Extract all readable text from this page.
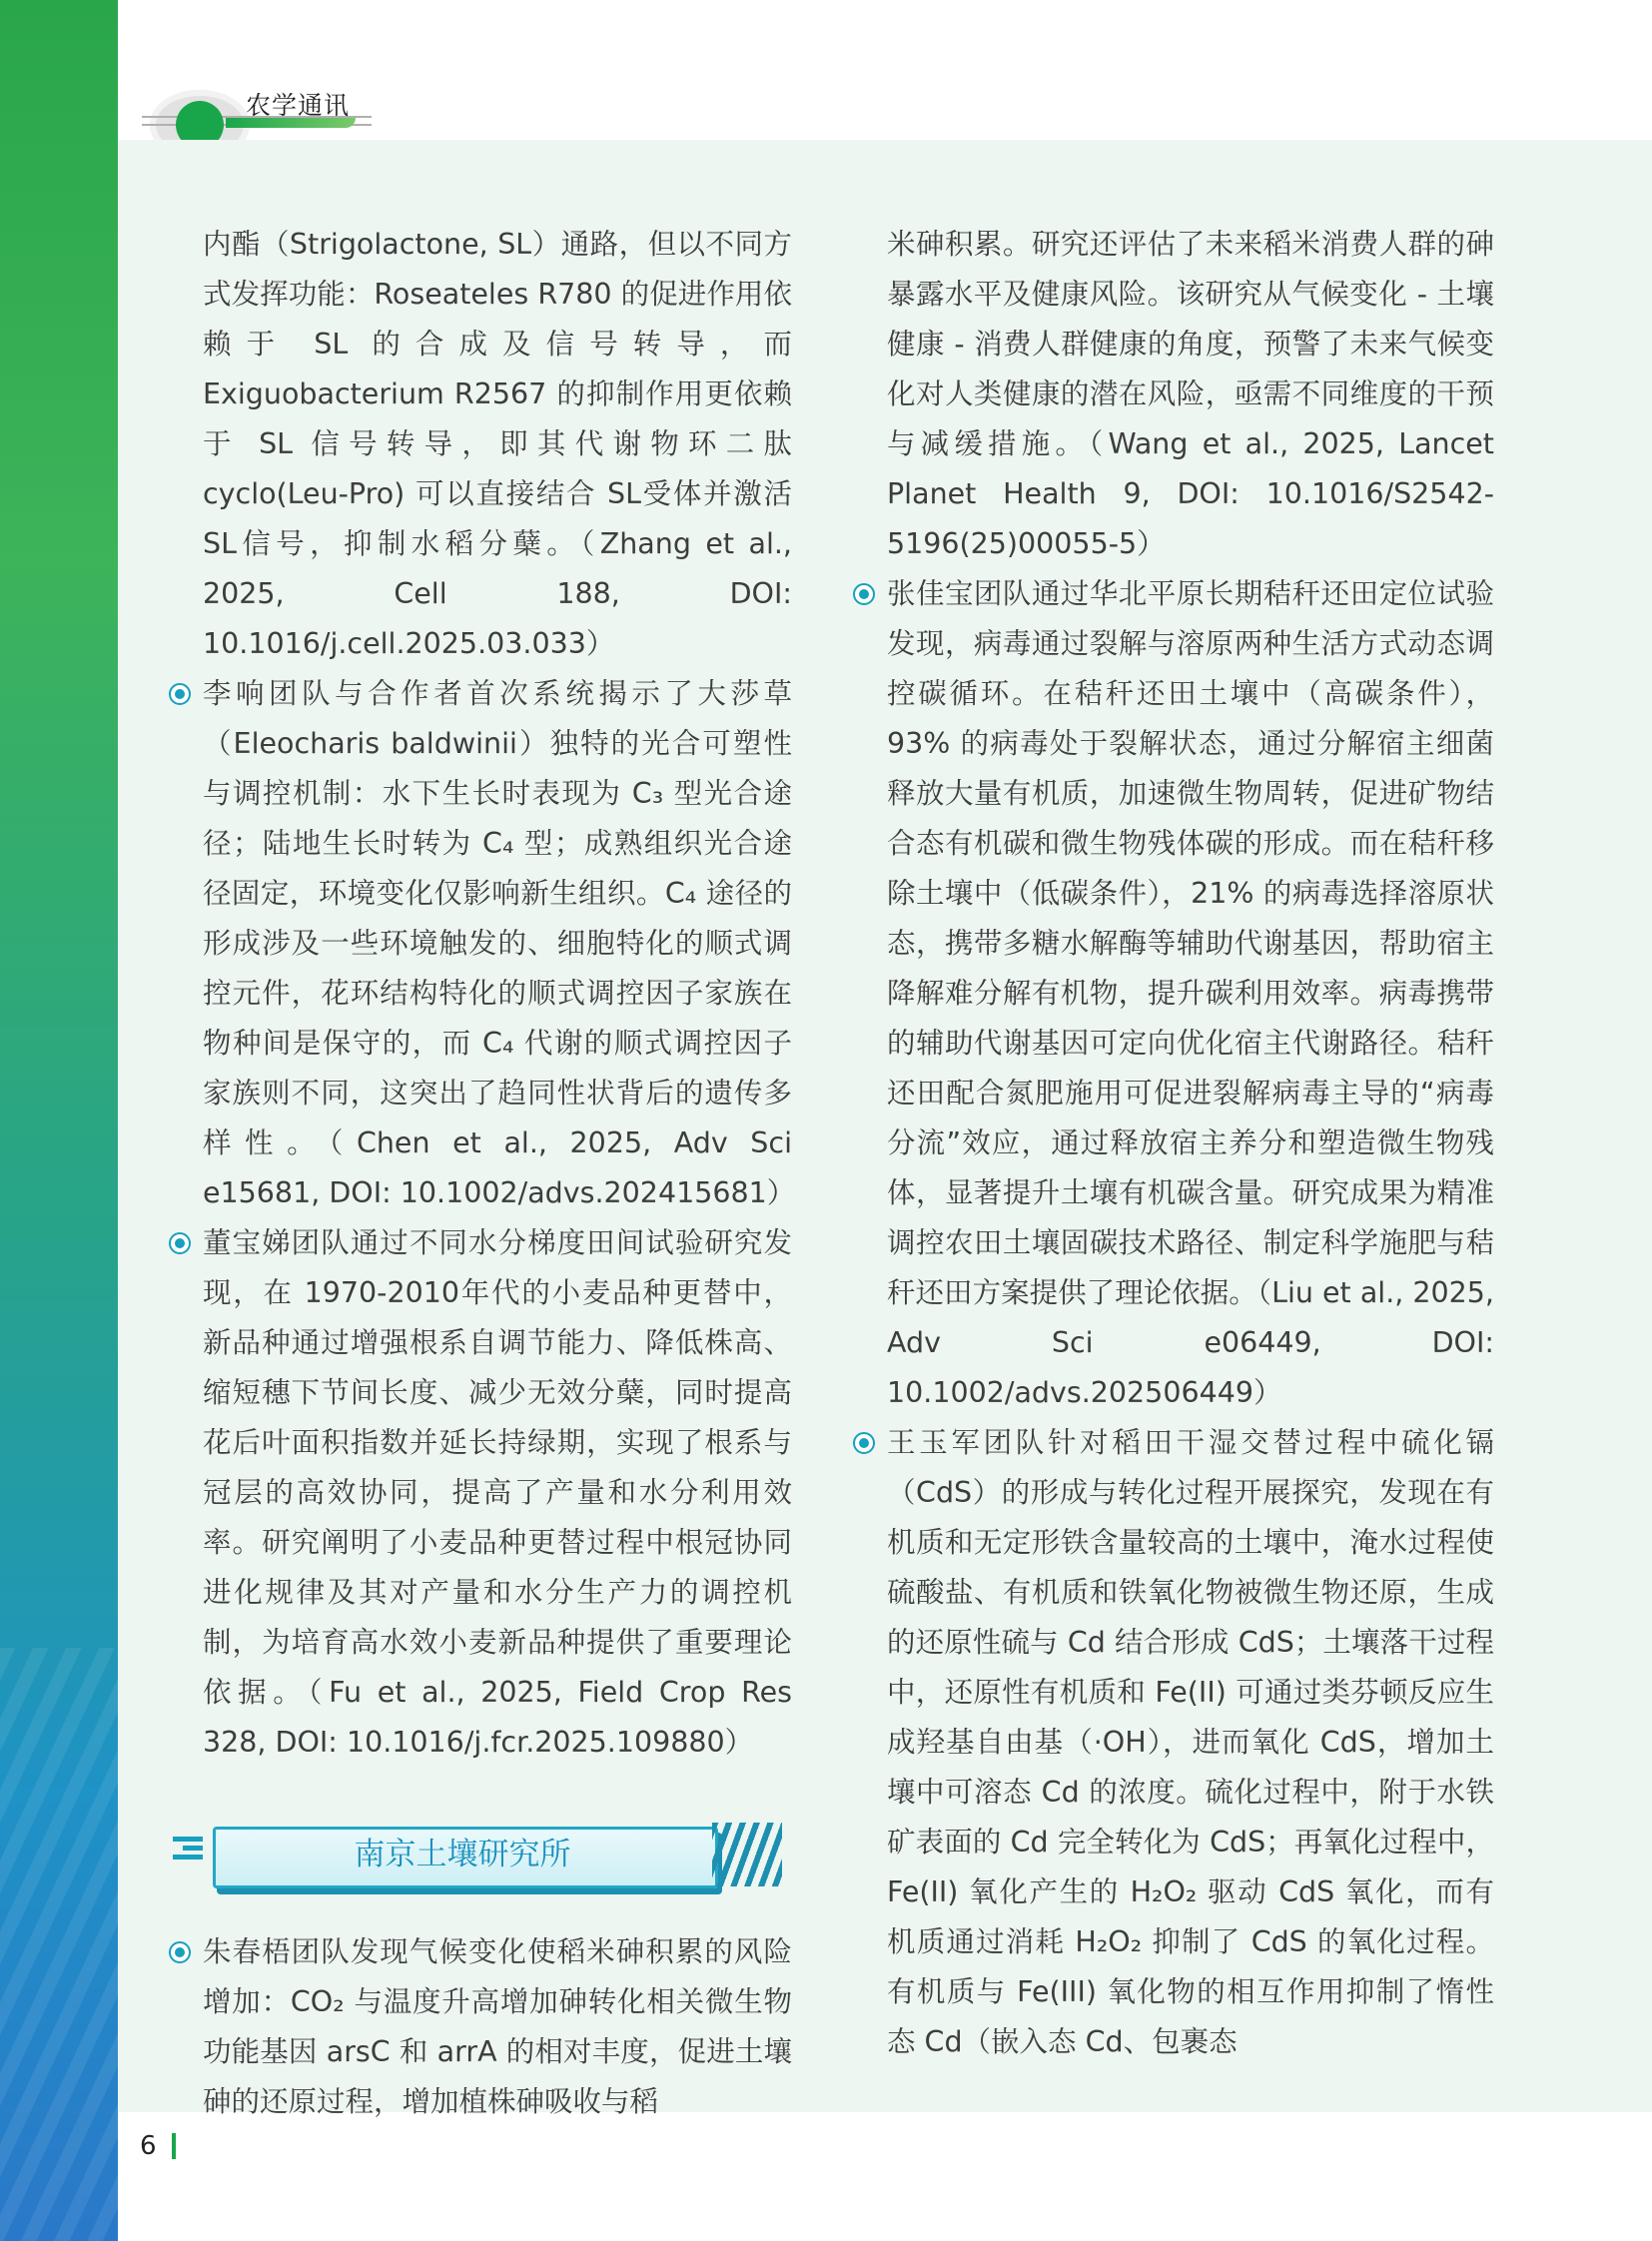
农学通讯

内酯（Strigolactone, SL）通路，但以不同方式发挥功能：Roseateles R780 的促进作用依赖于 SL 的合成及信号转导，而 Exiguobacterium R2567 的抑制作用更依赖于 SL 信号转导，即其代谢物环二肽 cyclo(Leu-Pro) 可以直接结合 SL受体并激活 SL信号，抑制水稻分蘖。（Zhang et al., 2025, Cell 188, DOI: 10.1016/j.cell.2025.03.033）

李响团队与合作者首次系统揭示了大莎草（Eleocharis baldwinii）独特的光合可塑性与调控机制：水下生长时表现为 C₃ 型光合途径；陆地生长时转为 C₄ 型；成熟组织光合途径固定，环境变化仅影响新生组织。C₄ 途径的形成涉及一些环境触发的、细胞特化的顺式调控元件，花环结构特化的顺式调控因子家族在物种间是保守的，而 C₄ 代谢的顺式调控因子家族则不同，这突出了趋同性状背后的遗传多样性。（Chen et al., 2025, Adv Sci e15681, DOI: 10.1002/advs.202415681）

董宝娣团队通过不同水分梯度田间试验研究发现，在 1970-2010年代的小麦品种更替中，新品种通过增强根系自调节能力、降低株高、缩短穗下节间长度、减少无效分蘖，同时提高花后叶面积指数并延长持绿期，实现了根系与冠层的高效协同，提高了产量和水分利用效率。研究阐明了小麦品种更替过程中根冠协同进化规律及其对产量和水分生产力的调控机制，为培育高水效小麦新品种提供了重要理论依据。（Fu et al., 2025, Field Crop Res 328, DOI: 10.1016/j.fcr.2025.109880）

南京土壤研究所

朱春梧团队发现气候变化使稻米砷积累的风险增加：CO₂ 与温度升高增加砷转化相关微生物功能基因 arsC 和 arrA 的相对丰度，促进土壤砷的还原过程，增加植株砷吸收与稻

米砷积累。研究还评估了未来稻米消费人群的砷暴露水平及健康风险。该研究从气候变化 - 土壤健康 - 消费人群健康的角度，预警了未来气候变化对人类健康的潜在风险，亟需不同维度的干预与减缓措施。（Wang et al., 2025, Lancet Planet Health 9, DOI: 10.1016/S2542-5196(25)00055-5）

张佳宝团队通过华北平原长期秸秆还田定位试验发现，病毒通过裂解与溶原两种生活方式动态调控碳循环。在秸秆还田土壤中（高碳条件），93% 的病毒处于裂解状态，通过分解宿主细菌释放大量有机质，加速微生物周转，促进矿物结合态有机碳和微生物残体碳的形成。而在秸秆移除土壤中（低碳条件），21% 的病毒选择溶原状态，携带多糖水解酶等辅助代谢基因，帮助宿主降解难分解有机物，提升碳利用效率。病毒携带的辅助代谢基因可定向优化宿主代谢路径。秸秆还田配合氮肥施用可促进裂解病毒主导的“病毒分流”效应，通过释放宿主养分和塑造微生物残体，显著提升土壤有机碳含量。研究成果为精准调控农田土壤固碳技术路径、制定科学施肥与秸秆还田方案提供了理论依据。（Liu et al., 2025, Adv Sci e06449, DOI: 10.1002/advs.202506449）

王玉军团队针对稻田干湿交替过程中硫化镉（CdS）的形成与转化过程开展探究，发现在有机质和无定形铁含量较高的土壤中，淹水过程使硫酸盐、有机质和铁氧化物被微生物还原，生成的还原性硫与 Cd 结合形成 CdS；土壤落干过程中，还原性有机质和 Fe(II) 可通过类芬顿反应生成羟基自由基（·OH），进而氧化 CdS，增加土壤中可溶态 Cd 的浓度。硫化过程中，附于水铁矿表面的 Cd 完全转化为 CdS；再氧化过程中，Fe(II) 氧化产生的 H₂O₂ 驱动 CdS 氧化，而有机质通过消耗 H₂O₂ 抑制了 CdS 的氧化过程。有机质与 Fe(III) 氧化物的相互作用抑制了惰性态 Cd（嵌入态 Cd、包裹态

6
